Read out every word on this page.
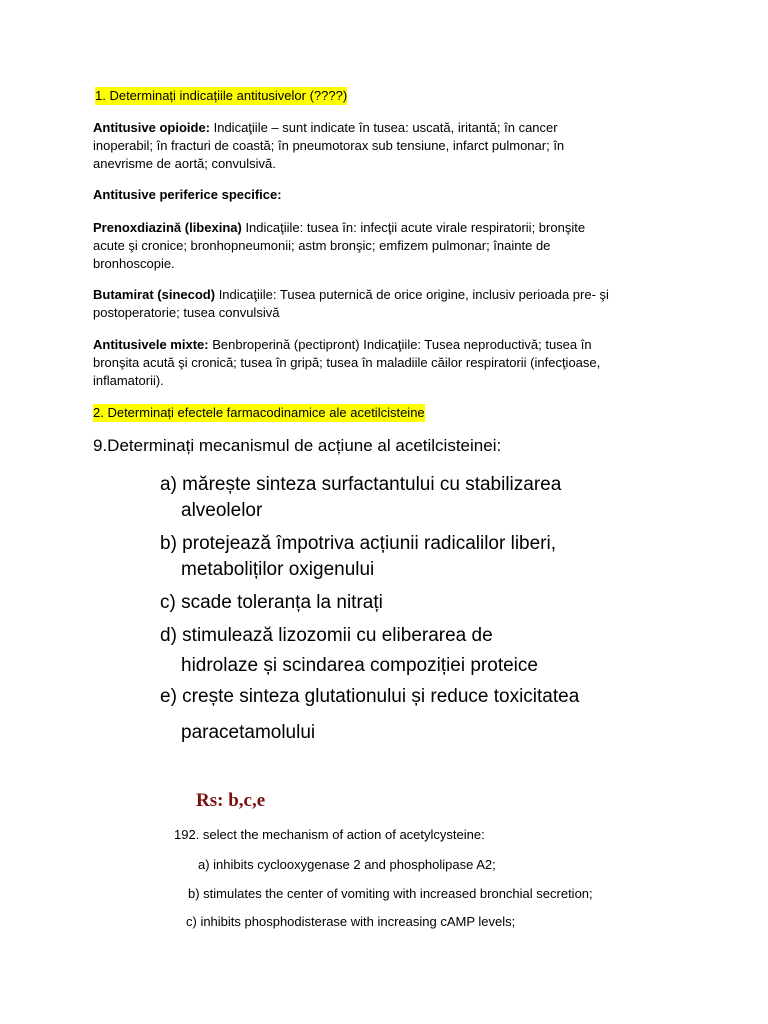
1. Determinați indicațiile antitusivelor (????)
Antitusive opioide: Indicaţiile – sunt indicate în tusea: uscată, iritantă; în cancer
inoperabil; în fracturi de coastă; în pneumotorax sub tensiune, infarct pulmonar; în
anevrisme de aortă; convulsivă.
Antitusive periferice specifice:
Prenoxdiazină (libexina) Indicaţiile: tusea în: infecţii acute virale respiratorii; bronşite
acute şi cronice; bronhopneumonii; astm bronşic; emfizem pulmonar; înainte de
bronhoscopie.
Butamirat (sinecod) Indicaţiile: Tusea puternică de orice origine, inclusiv perioada pre- şi
postoperatorie; tusea convulsivă
Antitusivele mixte: Benbroperină (pectipront) Indicaţiile: Tusea neproductivă; tusea în
bronşita acută şi cronică; tusea în gripă; tusea în maladiile căilor respiratorii (infecţioase,
inflamatorii).
2. Determinați efectele farmacodinamice ale acetilcisteine
9.Determinați mecanismul de acțiune al acetilcisteinei:
a) mărește sinteza surfactantului cu stabilizarea
alveolelor
b) protejează împotriva acțiunii radicalilor liberi,
metaboliților oxigenului
c) scade toleranța la nitrați
d) stimulează lizozomii cu eliberarea de
hidrolaze și scindarea compoziției proteice
e) crește sinteza glutationului și reduce toxicitatea
paracetamolului
Rs: b,c,e
192. select the mechanism of action of acetylcysteine:
a) inhibits cyclooxygenase 2 and phospholipase A2;
b) stimulates the center of vomiting with increased bronchial secretion;
c) inhibits phosphodisterase with increasing cAMP levels;
